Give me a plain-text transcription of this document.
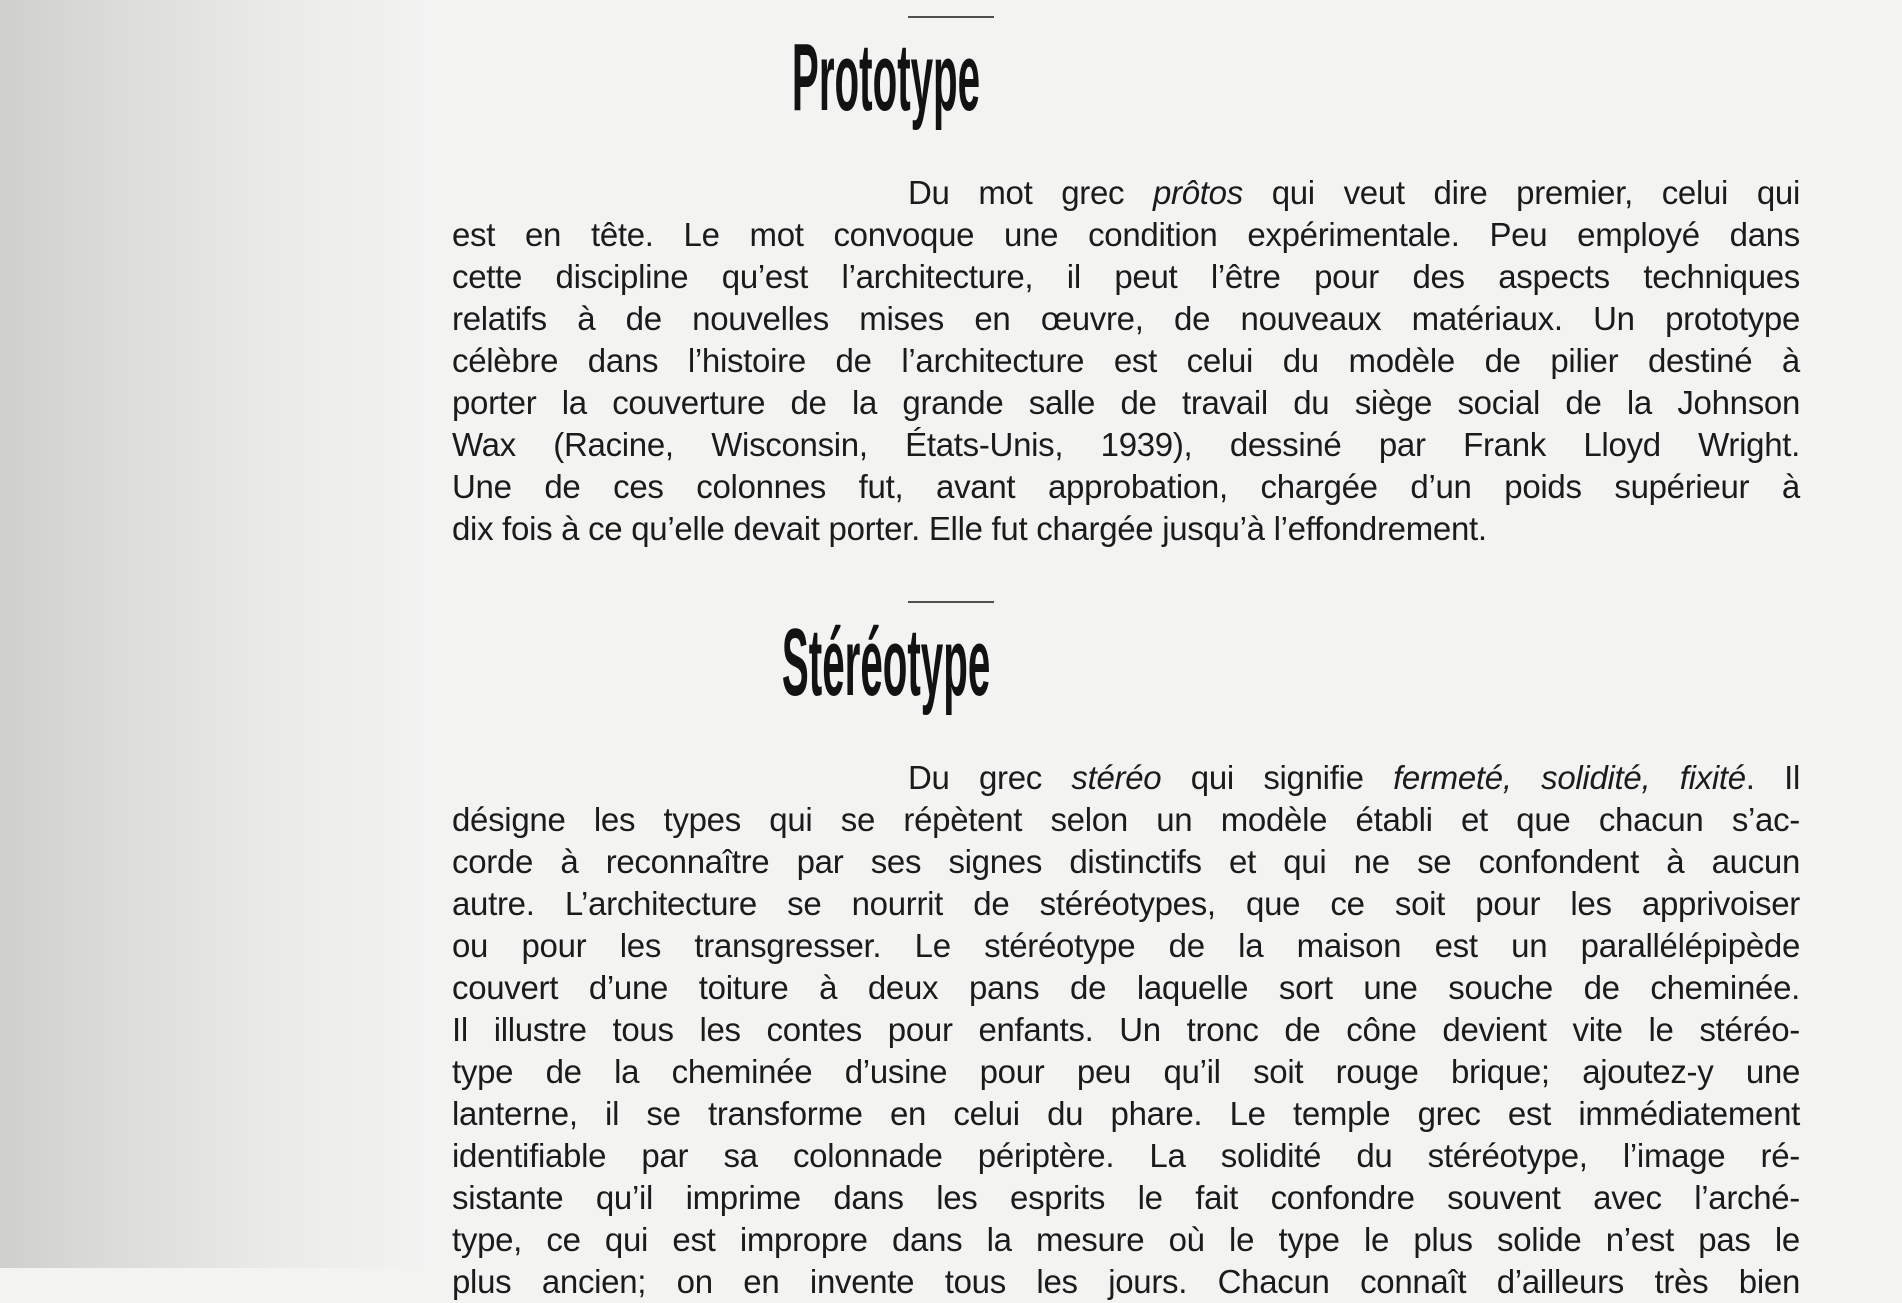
Prototype
Du mot grec prôtos qui veut dire premier, celui qui
est en tête. Le mot convoque une condition expérimentale. Peu employé dans
cette discipline qu’est l’architecture, il peut l’être pour des aspects techniques
relatifs à de nouvelles mises en œuvre, de nouveaux matériaux. Un prototype
célèbre dans l’histoire de l’architecture est celui du modèle de pilier destiné à
porter la couverture de la grande salle de travail du siège social de la Johnson
Wax (Racine, Wisconsin, États-Unis, 1939), dessiné par Frank Lloyd Wright.
Une de ces colonnes fut, avant approbation, chargée d’un poids supérieur à
dix fois à ce qu’elle devait porter. Elle fut chargée jusqu’à l’effondrement.
Stéréotype
Du grec stéréo qui signifie fermeté, solidité, fixité. Il
désigne les types qui se répètent selon un modèle établi et que chacun s’ac-
corde à reconnaître par ses signes distinctifs et qui ne se confondent à aucun
autre. L’architecture se nourrit de stéréotypes, que ce soit pour les apprivoiser
ou pour les transgresser. Le stéréotype de la maison est un parallélépipède
couvert d’une toiture à deux pans de laquelle sort une souche de cheminée.
Il illustre tous les contes pour enfants. Un tronc de cône devient vite le stéréo-
type de la cheminée d’usine pour peu qu’il soit rouge brique; ajoutez-y une
lanterne, il se transforme en celui du phare. Le temple grec est immédiatement
identifiable par sa colonnade périptère. La solidité du stéréotype, l’image ré-
sistante qu’il imprime dans les esprits le fait confondre souvent avec l’arché-
type, ce qui est impropre dans la mesure où le type le plus solide n’est pas le
plus ancien; on en invente tous les jours. Chacun connaît d’ailleurs très bien
